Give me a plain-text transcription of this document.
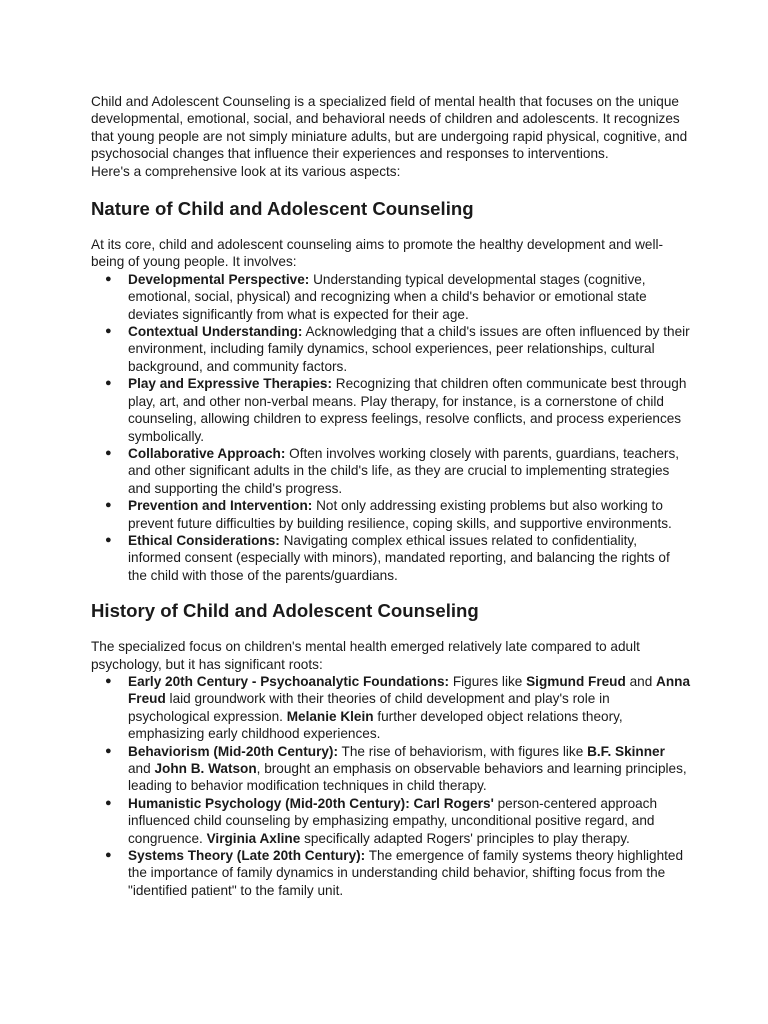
Child and Adolescent Counseling is a specialized field of mental health that focuses on the unique developmental, emotional, social, and behavioral needs of children and adolescents. It recognizes that young people are not simply miniature adults, but are undergoing rapid physical, cognitive, and psychosocial changes that influence their experiences and responses to interventions.

Here's a comprehensive look at its various aspects:

Nature of Child and Adolescent Counseling

At its core, child and adolescent counseling aims to promote the healthy development and well-being of young people. It involves:

● Developmental Perspective: Understanding typical developmental stages (cognitive, emotional, social, physical) and recognizing when a child's behavior or emotional state deviates significantly from what is expected for their age.
● Contextual Understanding: Acknowledging that a child's issues are often influenced by their environment, including family dynamics, school experiences, peer relationships, cultural background, and community factors.
● Play and Expressive Therapies: Recognizing that children often communicate best through play, art, and other non-verbal means. Play therapy, for instance, is a cornerstone of child counseling, allowing children to express feelings, resolve conflicts, and process experiences symbolically.
● Collaborative Approach: Often involves working closely with parents, guardians, teachers, and other significant adults in the child's life, as they are crucial to implementing strategies and supporting the child's progress.
● Prevention and Intervention: Not only addressing existing problems but also working to prevent future difficulties by building resilience, coping skills, and supportive environments.
● Ethical Considerations: Navigating complex ethical issues related to confidentiality, informed consent (especially with minors), mandated reporting, and balancing the rights of the child with those of the parents/guardians.
History of Child and Adolescent Counseling

The specialized focus on children's mental health emerged relatively late compared to adult psychology, but it has significant roots:

● Early 20th Century - Psychoanalytic Foundations: Figures like Sigmund Freud and Anna Freud laid groundwork with their theories of child development and play's role in psychological expression. Melanie Klein further developed object relations theory, emphasizing early childhood experiences.
● Behaviorism (Mid-20th Century): The rise of behaviorism, with figures like B.F. Skinner and John B. Watson, brought an emphasis on observable behaviors and learning principles, leading to behavior modification techniques in child therapy.
● Humanistic Psychology (Mid-20th Century): Carl Rogers' person-centered approach influenced child counseling by emphasizing empathy, unconditional positive regard, and congruence. Virginia Axline specifically adapted Rogers' principles to play therapy.
● Systems Theory (Late 20th Century): The emergence of family systems theory highlighted the importance of family dynamics in understanding child behavior, shifting focus from the "identified patient" to the family unit.
